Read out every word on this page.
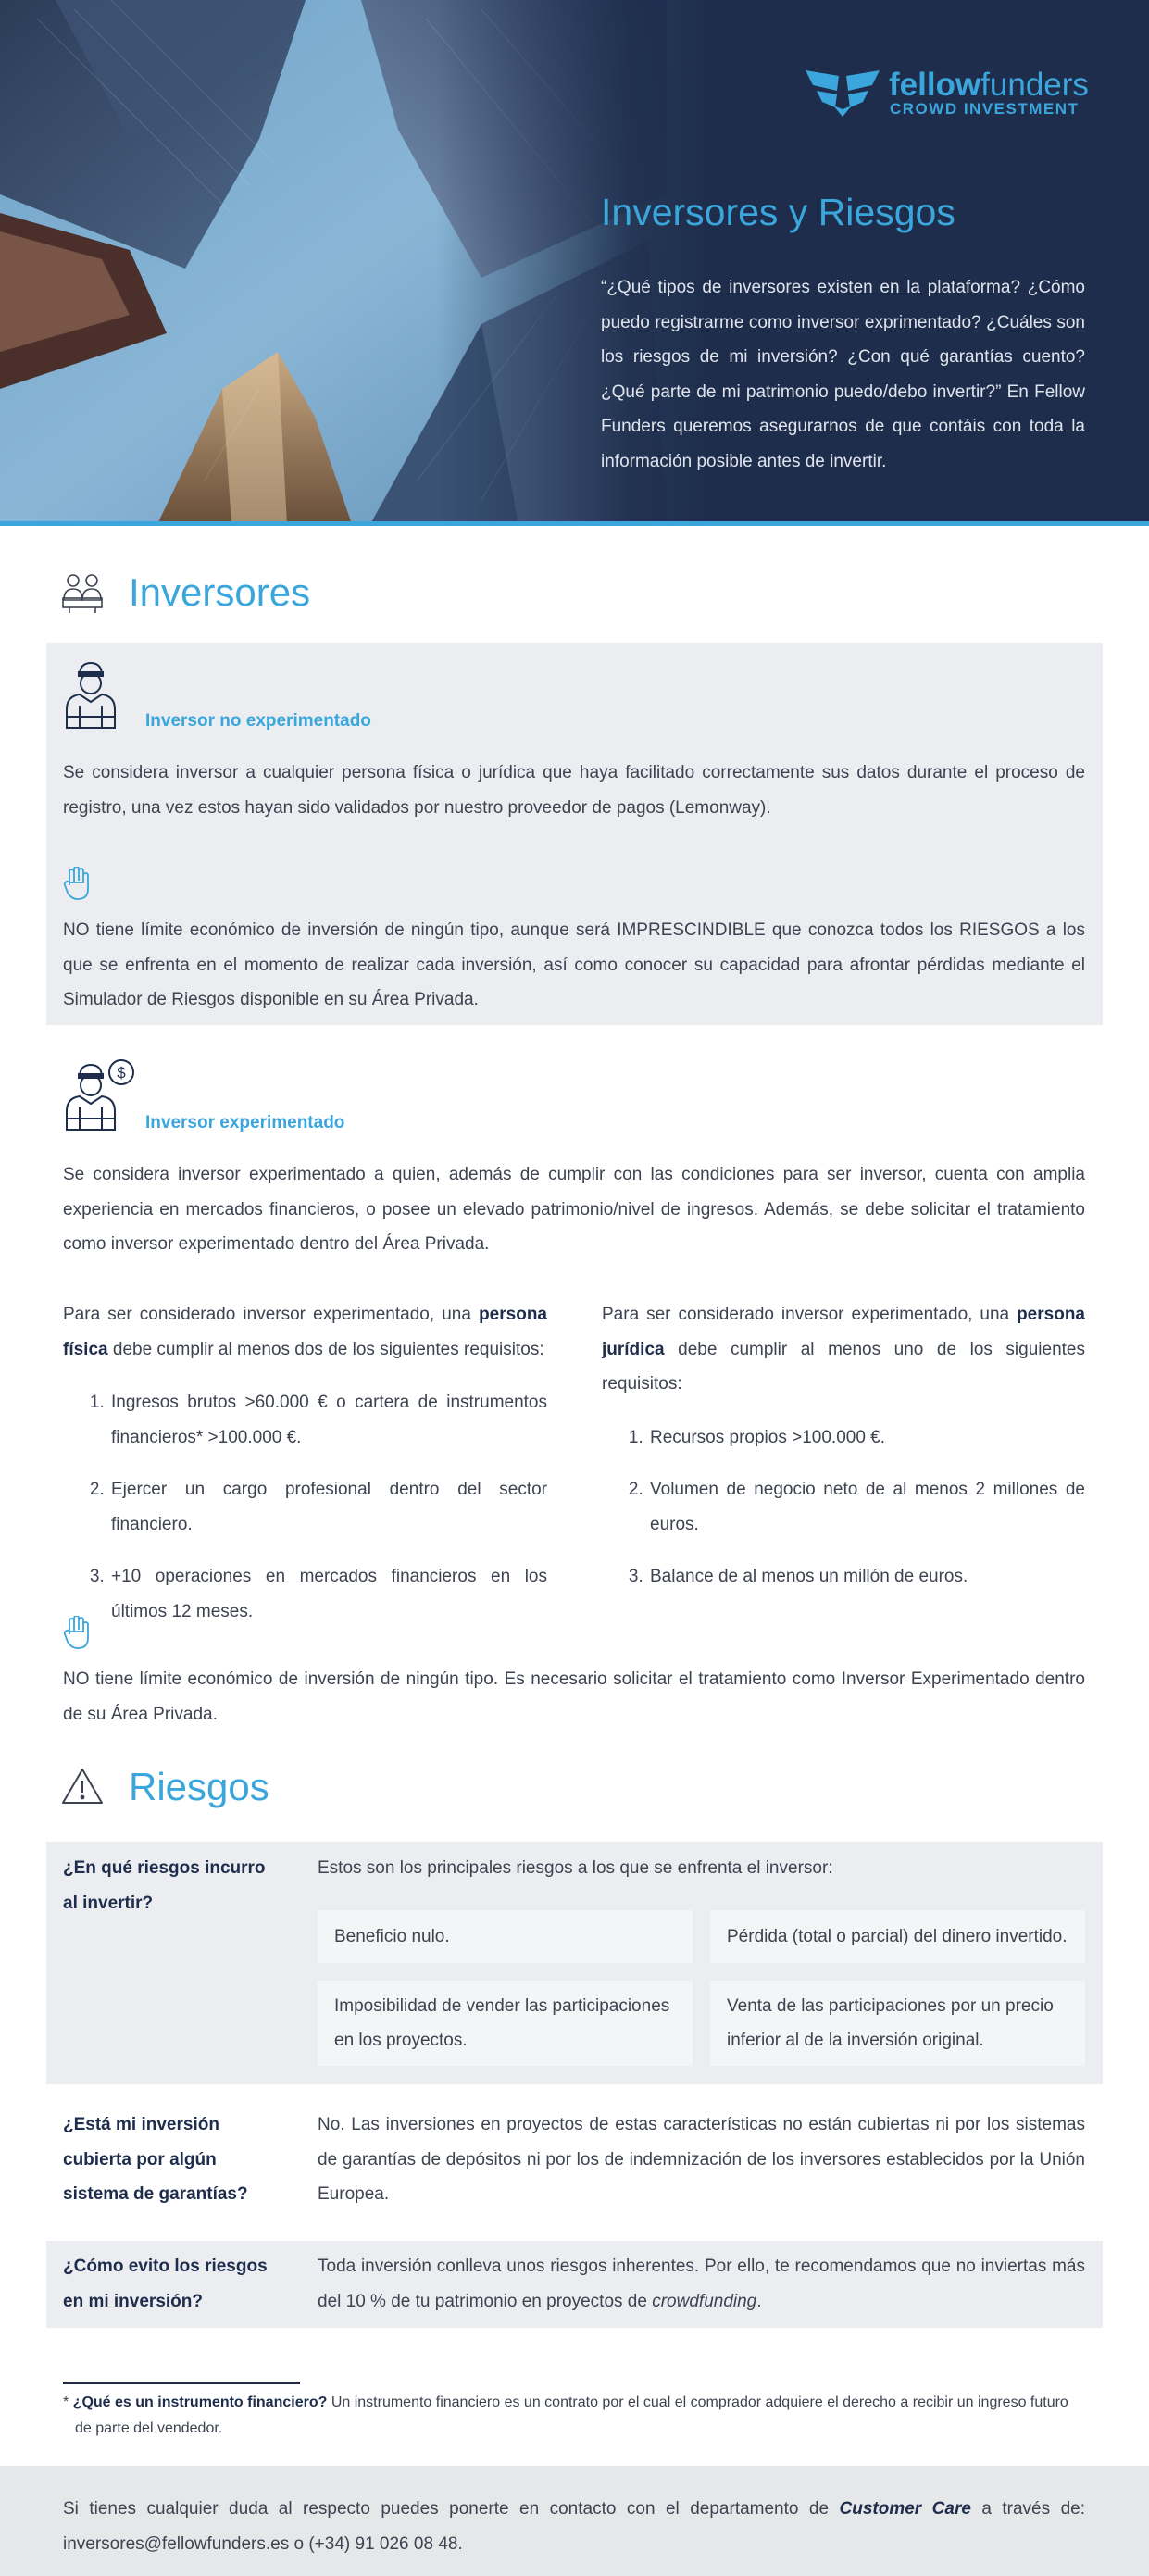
fellowfunders
CROWD INVESTMENT
Inversores y Riesgos

“¿Qué tipos de inversores existen en la plataforma? ¿Cómo puedo registrarme como inversor exprimentado? ¿Cuáles son los riesgos de mi inversión? ¿Con qué garantías cuento? ¿Qué parte de mi patrimonio puedo/debo invertir?” En Fellow Funders queremos asegurarnos de que contáis con toda la información posible antes de invertir.

Inversores
Inversor no experimentado

Se considera inversor a cualquier persona física o jurídica que haya facilitado correctamente sus datos durante el proceso de registro, una vez estos hayan sido validados por nuestro proveedor de pagos (Lemonway).

NO tiene límite económico de inversión de ningún tipo, aunque será IMPRESCINDIBLE que conozca todos los RIESGOS a los que se enfrenta en el momento de realizar cada inversión, así como conocer su capacidad para afrontar pérdidas mediante el Simulador de Riesgos disponible en su Área Privada.

$
Inversor experimentado

Se considera inversor experimentado a quien, además de cumplir con las condiciones para ser inversor, cuenta con amplia experiencia en mercados financieros, o posee un elevado patrimonio/nivel de ingresos. Además, se debe solicitar el tratamiento como inversor experimentado dentro del Área Privada.

Para ser considerado inversor experimentado, una persona física debe cumplir al menos dos de los siguientes requisitos:

1. Ingresos brutos >60.000 € o cartera de instrumentos financieros* >100.000 €.
2. Ejercer un cargo profesional dentro del sector financiero.
3. +10 operaciones en mercados financieros en los últimos 12 meses.

Para ser considerado inversor experimentado, una persona jurídica debe cumplir al menos uno de los siguientes requisitos:

1. Recursos propios >100.000 €.
2. Volumen de negocio neto de al menos 2 millones de euros.
3. Balance de al menos un millón de euros.

NO tiene límite económico de inversión de ningún tipo. Es necesario solicitar el tratamiento como Inversor Experimentado dentro de su Área Privada.

Riesgos
¿En qué riesgos incurro al invertir?
Estos son los principales riesgos a los que se enfrenta el inversor:
Beneficio nulo.	Pérdida (total o parcial) del dinero invertido.
Imposibilidad de vender las participaciones en los proyectos.
Venta de las participaciones por un precio inferior al de la inversión original.
¿Está mi inversión cubierta por algún sistema de garantías?
No. Las inversiones en proyectos de estas características no están cubiertas ni por los sistemas de garantías de depósitos ni por los de indemnización de los inversores establecidos por la Unión Europea.
¿Cómo evito los riesgos en mi inversión?
Toda inversión conlleva unos riesgos inherentes. Por ello, te recomendamos que no inviertas más del 10 % de tu patrimonio en proyectos de crowdfunding.

* ¿Qué es un instrumento financiero? Un instrumento financiero es un contrato por el cual el comprador adquiere el derecho a recibir un ingreso futuro de parte del vendedor.

Si tienes cualquier duda al respecto puedes ponerte en contacto con el departamento de Customer Care a través de: inversores@fellowfunders.es o (+34) 91 026 08 48.
